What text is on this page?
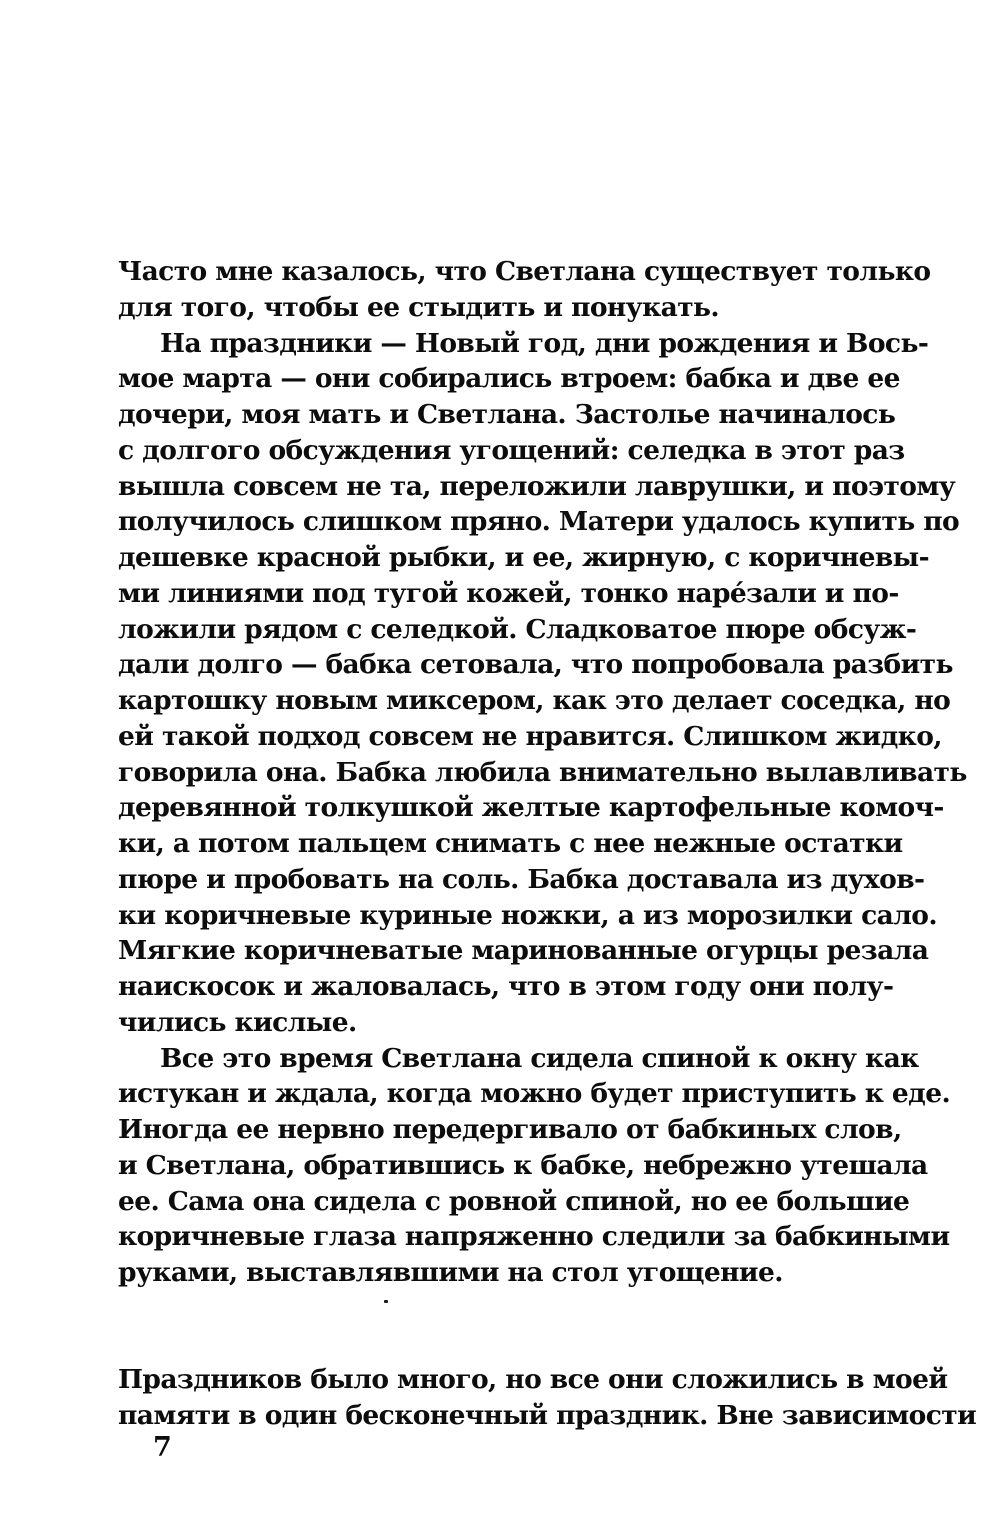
Часто мне казалось, что Светлана существует только
для того, чтобы ее стыдить и понукать.
На праздники — Новый год, дни рождения и Вось-
мое марта — они собирались втроем: бабка и две ее
дочери, моя мать и Светлана. Застолье начиналось
с долгого обсуждения угощений: селедка в этот раз
вышла совсем не та, переложили лаврушки, и поэтому
получилось слишком пряно. Матери удалось купить по
дешевке красной рыбки, и ее, жирную, с коричневы-
ми линиями под тугой кожей, тонко нарéзали и по-
ложили рядом с селедкой. Сладковатое пюре обсуж-
дали долго — бабка сетовала, что попробовала разбить
картошку новым миксером, как это делает соседка, но
ей такой подход совсем не нравится. Слишком жидко,
говорила она. Бабка любила внимательно вылавливать
деревянной толкушкой желтые картофельные комоч-
ки, а потом пальцем снимать с нее нежные остатки
пюре и пробовать на соль. Бабка доставала из духов-
ки коричневые куриные ножки, а из морозилки сало.
Мягкие коричневатые маринованные огурцы резала
наискосок и жаловалась, что в этом году они полу-
чились кислые.
Все это время Светлана сидела спиной к окну как
истукан и ждала, когда можно будет приступить к еде.
Иногда ее нервно передергивало от бабкиных слов,
и Светлана, обратившись к бабке, небрежно утешала
ее. Сама она сидела с ровной спиной, но ее большие
коричневые глаза напряженно следили за бабкиными
руками, выставлявшими на стол угощение.
Праздников было много, но все они сложились в моей
памяти в один бесконечный праздник. Вне зависимости
7
